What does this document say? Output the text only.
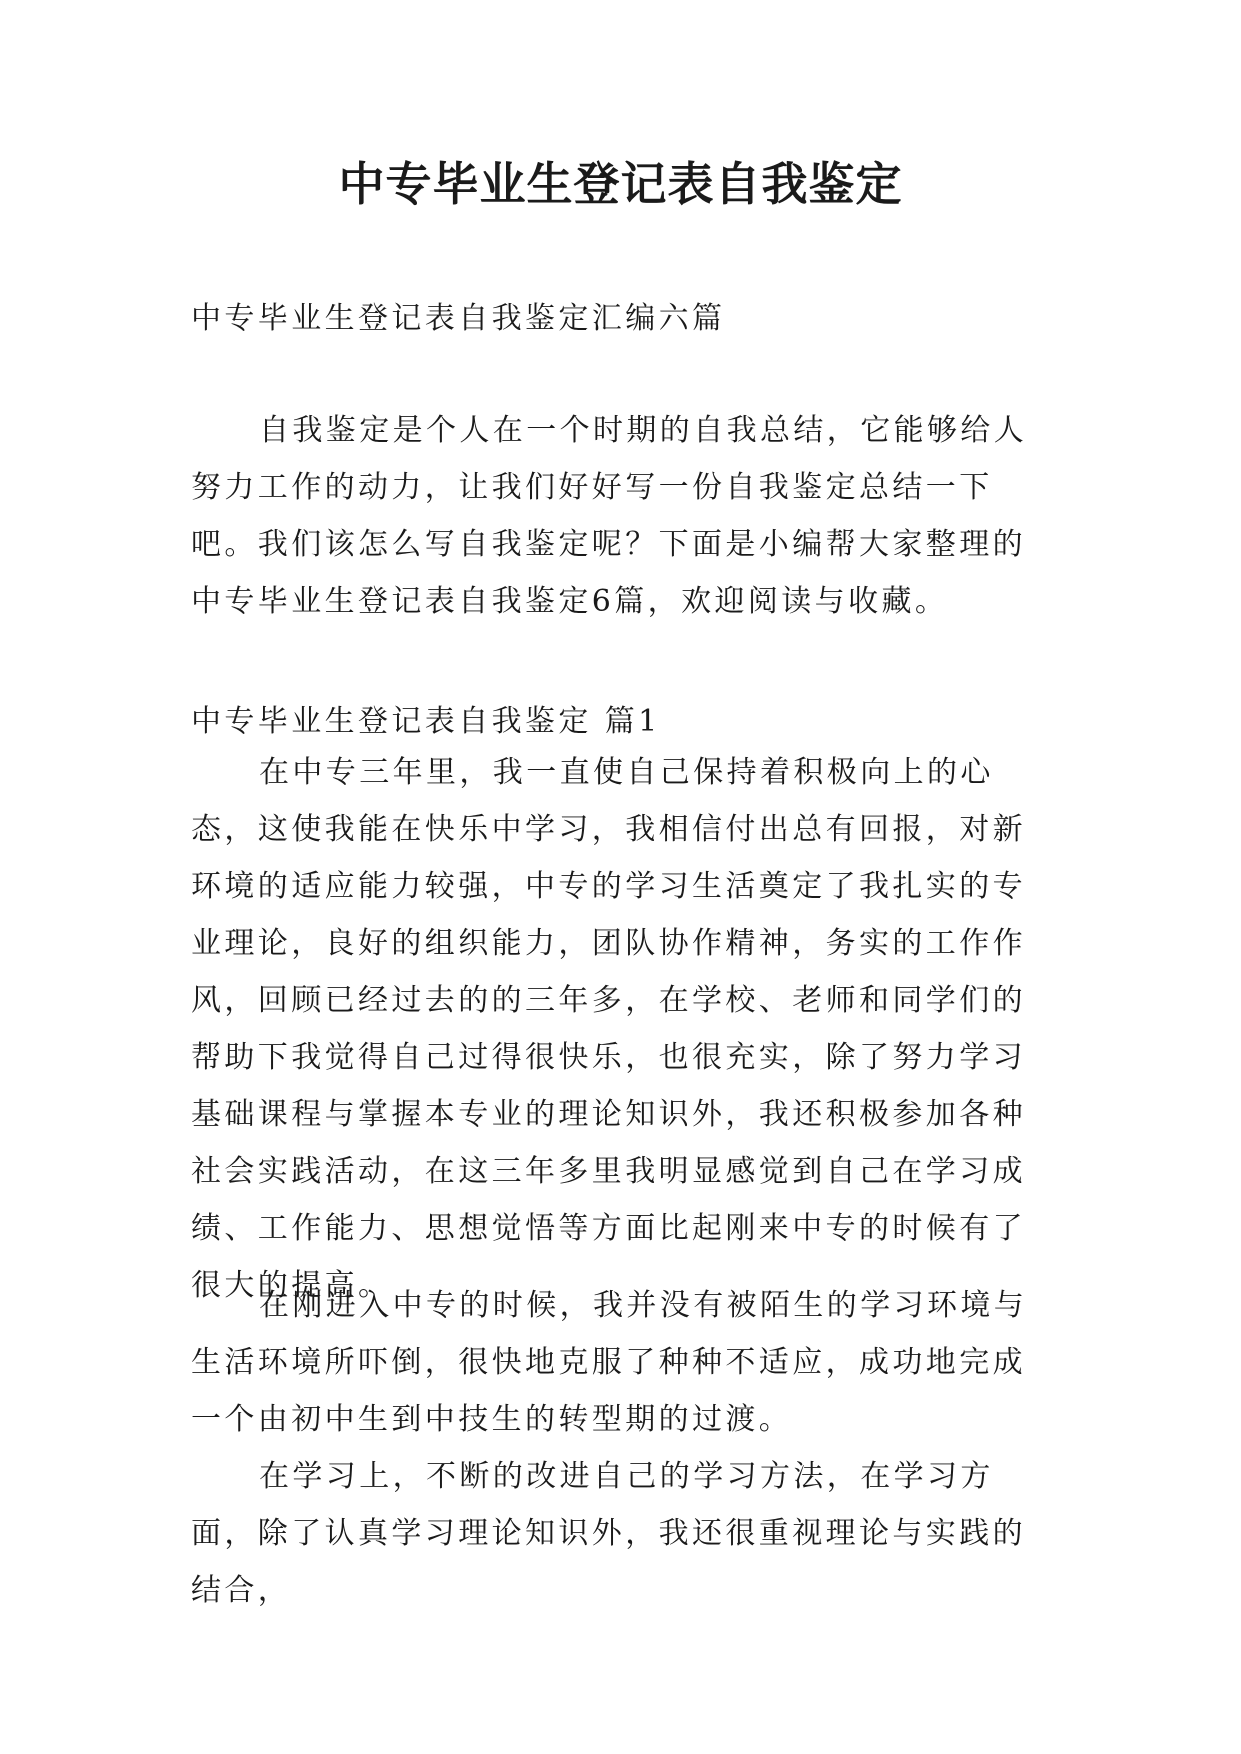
中专毕业生登记表自我鉴定

中专毕业生登记表自我鉴定汇编六篇

自我鉴定是个人在一个时期的自我总结，它能够给人努力工作的动力，让我们好好写一份自我鉴定总结一下吧。我们该怎么写自我鉴定呢？下面是小编帮大家整理的中专毕业生登记表自我鉴定6篇，欢迎阅读与收藏。

中专毕业生登记表自我鉴定 篇1

在中专三年里，我一直使自己保持着积极向上的心态，这使我能在快乐中学习，我相信付出总有回报，对新环境的适应能力较强，中专的学习生活奠定了我扎实的专业理论，良好的组织能力，团队协作精神，务实的工作作风，回顾已经过去的的三年多，在学校、老师和同学们的帮助下我觉得自己过得很快乐，也很充实，除了努力学习基础课程与掌握本专业的理论知识外，我还积极参加各种社会实践活动，在这三年多里我明显感觉到自己在学习成绩、工作能力、思想觉悟等方面比起刚来中专的时候有了很大的提高。

在刚进入中专的时候，我并没有被陌生的学习环境与生活环境所吓倒，很快地克服了种种不适应，成功地完成一个由初中生到中技生的转型期的过渡。

在学习上，不断的改进自己的学习方法，在学习方面，除了认真学习理论知识外，我还很重视理论与实践的结合，
